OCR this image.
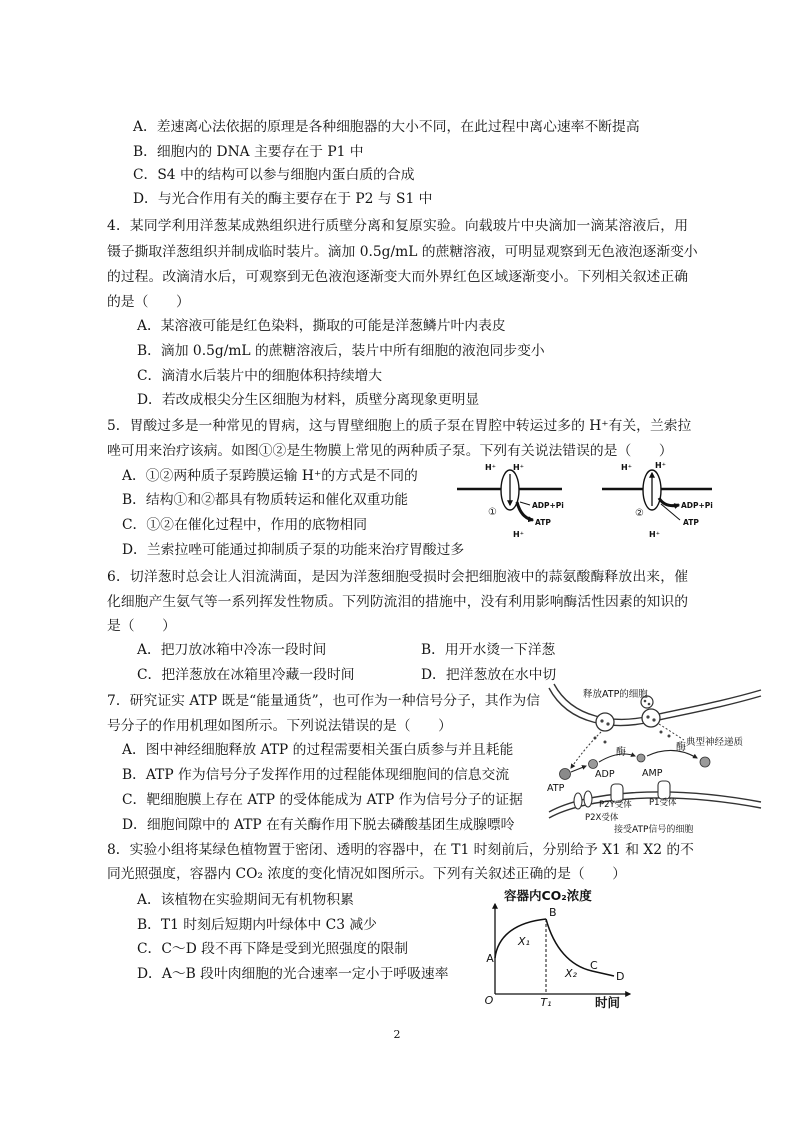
A．差速离心法依据的原理是各种细胞器的大小不同，在此过程中离心速率不断提高
B．细胞内的 DNA 主要存在于 P1 中
C．S4 中的结构可以参与细胞内蛋白质的合成
D．与光合作用有关的酶主要存在于 P2 与 S1 中
4．某同学利用洋葱某成熟组织进行质壁分离和复原实验。向载玻片中央滴加一滴某溶液后，用
镊子撕取洋葱组织并制成临时装片。滴加 0.5g/mL 的蔗糖溶液，可明显观察到无色液泡逐渐变小
的过程。改滴清水后，可观察到无色液泡逐渐变大而外界红色区域逐渐变小。下列相关叙述正确
的是（　　）
A．某溶液可能是红色染料，撕取的可能是洋葱鳞片叶内表皮
B．滴加 0.5g/mL 的蔗糖溶液后，装片中所有细胞的液泡同步变小
C．滴清水后装片中的细胞体积持续增大
D．若改成根尖分生区细胞为材料，质壁分离现象更明显
5．胃酸过多是一种常见的胃病，这与胃壁细胞上的质子泵在胃腔中转运过多的 H⁺有关，兰索拉
唑可用来治疗该病。如图①②是生物膜上常见的两种质子泵。下列有关说法错误的是（　　）
A．①②两种质子泵跨膜运输 H⁺的方式是不同的
B．结构①和②都具有物质转运和催化双重功能
C．①②在催化过程中，作用的底物相同
D．兰索拉唑可能通过抑制质子泵的功能来治疗胃酸过多
H⁺ H⁺
①
ADP+Pi
ATP
H⁺
H⁺	H⁺
②
ADP+Pi
ATP
H⁺
6．切洋葱时总会让人泪流满面，是因为洋葱细胞受损时会把细胞液中的蒜氨酸酶释放出来，催
化细胞产生氨气等一系列挥发性物质。下列防流泪的措施中，没有利用影响酶活性因素的知识的
是（　　）
A．把刀放冰箱中冷冻一段时间	B．用开水烫一下洋葱
C．把洋葱放在冰箱里冷藏一段时间	D．把洋葱放在水中切
7．研究证实 ATP 既是“能量通货”，也可作为一种信号分子，其作为信
号分子的作用机理如图所示。下列说法错误的是（　　）
A．图中神经细胞释放 ATP 的过程需要相关蛋白质参与并且耗能
B．ATP 作为信号分子发挥作用的过程能体现细胞间的信息交流
C．靶细胞膜上存在 ATP 的受体能成为 ATP 作为信号分子的证据
D．细胞间隙中的 ATP 在有关酶作用下脱去磷酸基团生成腺嘌呤
释放ATP的细胞
典型神经递质
酶	酶
ADP	AMP
ATP
P2Y受体 P1受体
P2X受体
接受ATP信号的细胞
8．实验小组将某绿色植物置于密闭、透明的容器中，在 T1 时刻前后，分别给予 X1 和 X2 的不
同光照强度，容器内 CO₂ 浓度的变化情况如图所示。下列有关叙述正确的是（　　）
A．该植物在实验期间无有机物积累
B．T1 时刻后短期内叶绿体中 C3 减少
C．C～D 段不再下降是受到光照强度的限制
D．A～B 段叶肉细胞的光合速率一定小于呼吸速率
容器内CO₂浓度
时间
O
A
B
C
D
X₁
X₂
T₁
2
